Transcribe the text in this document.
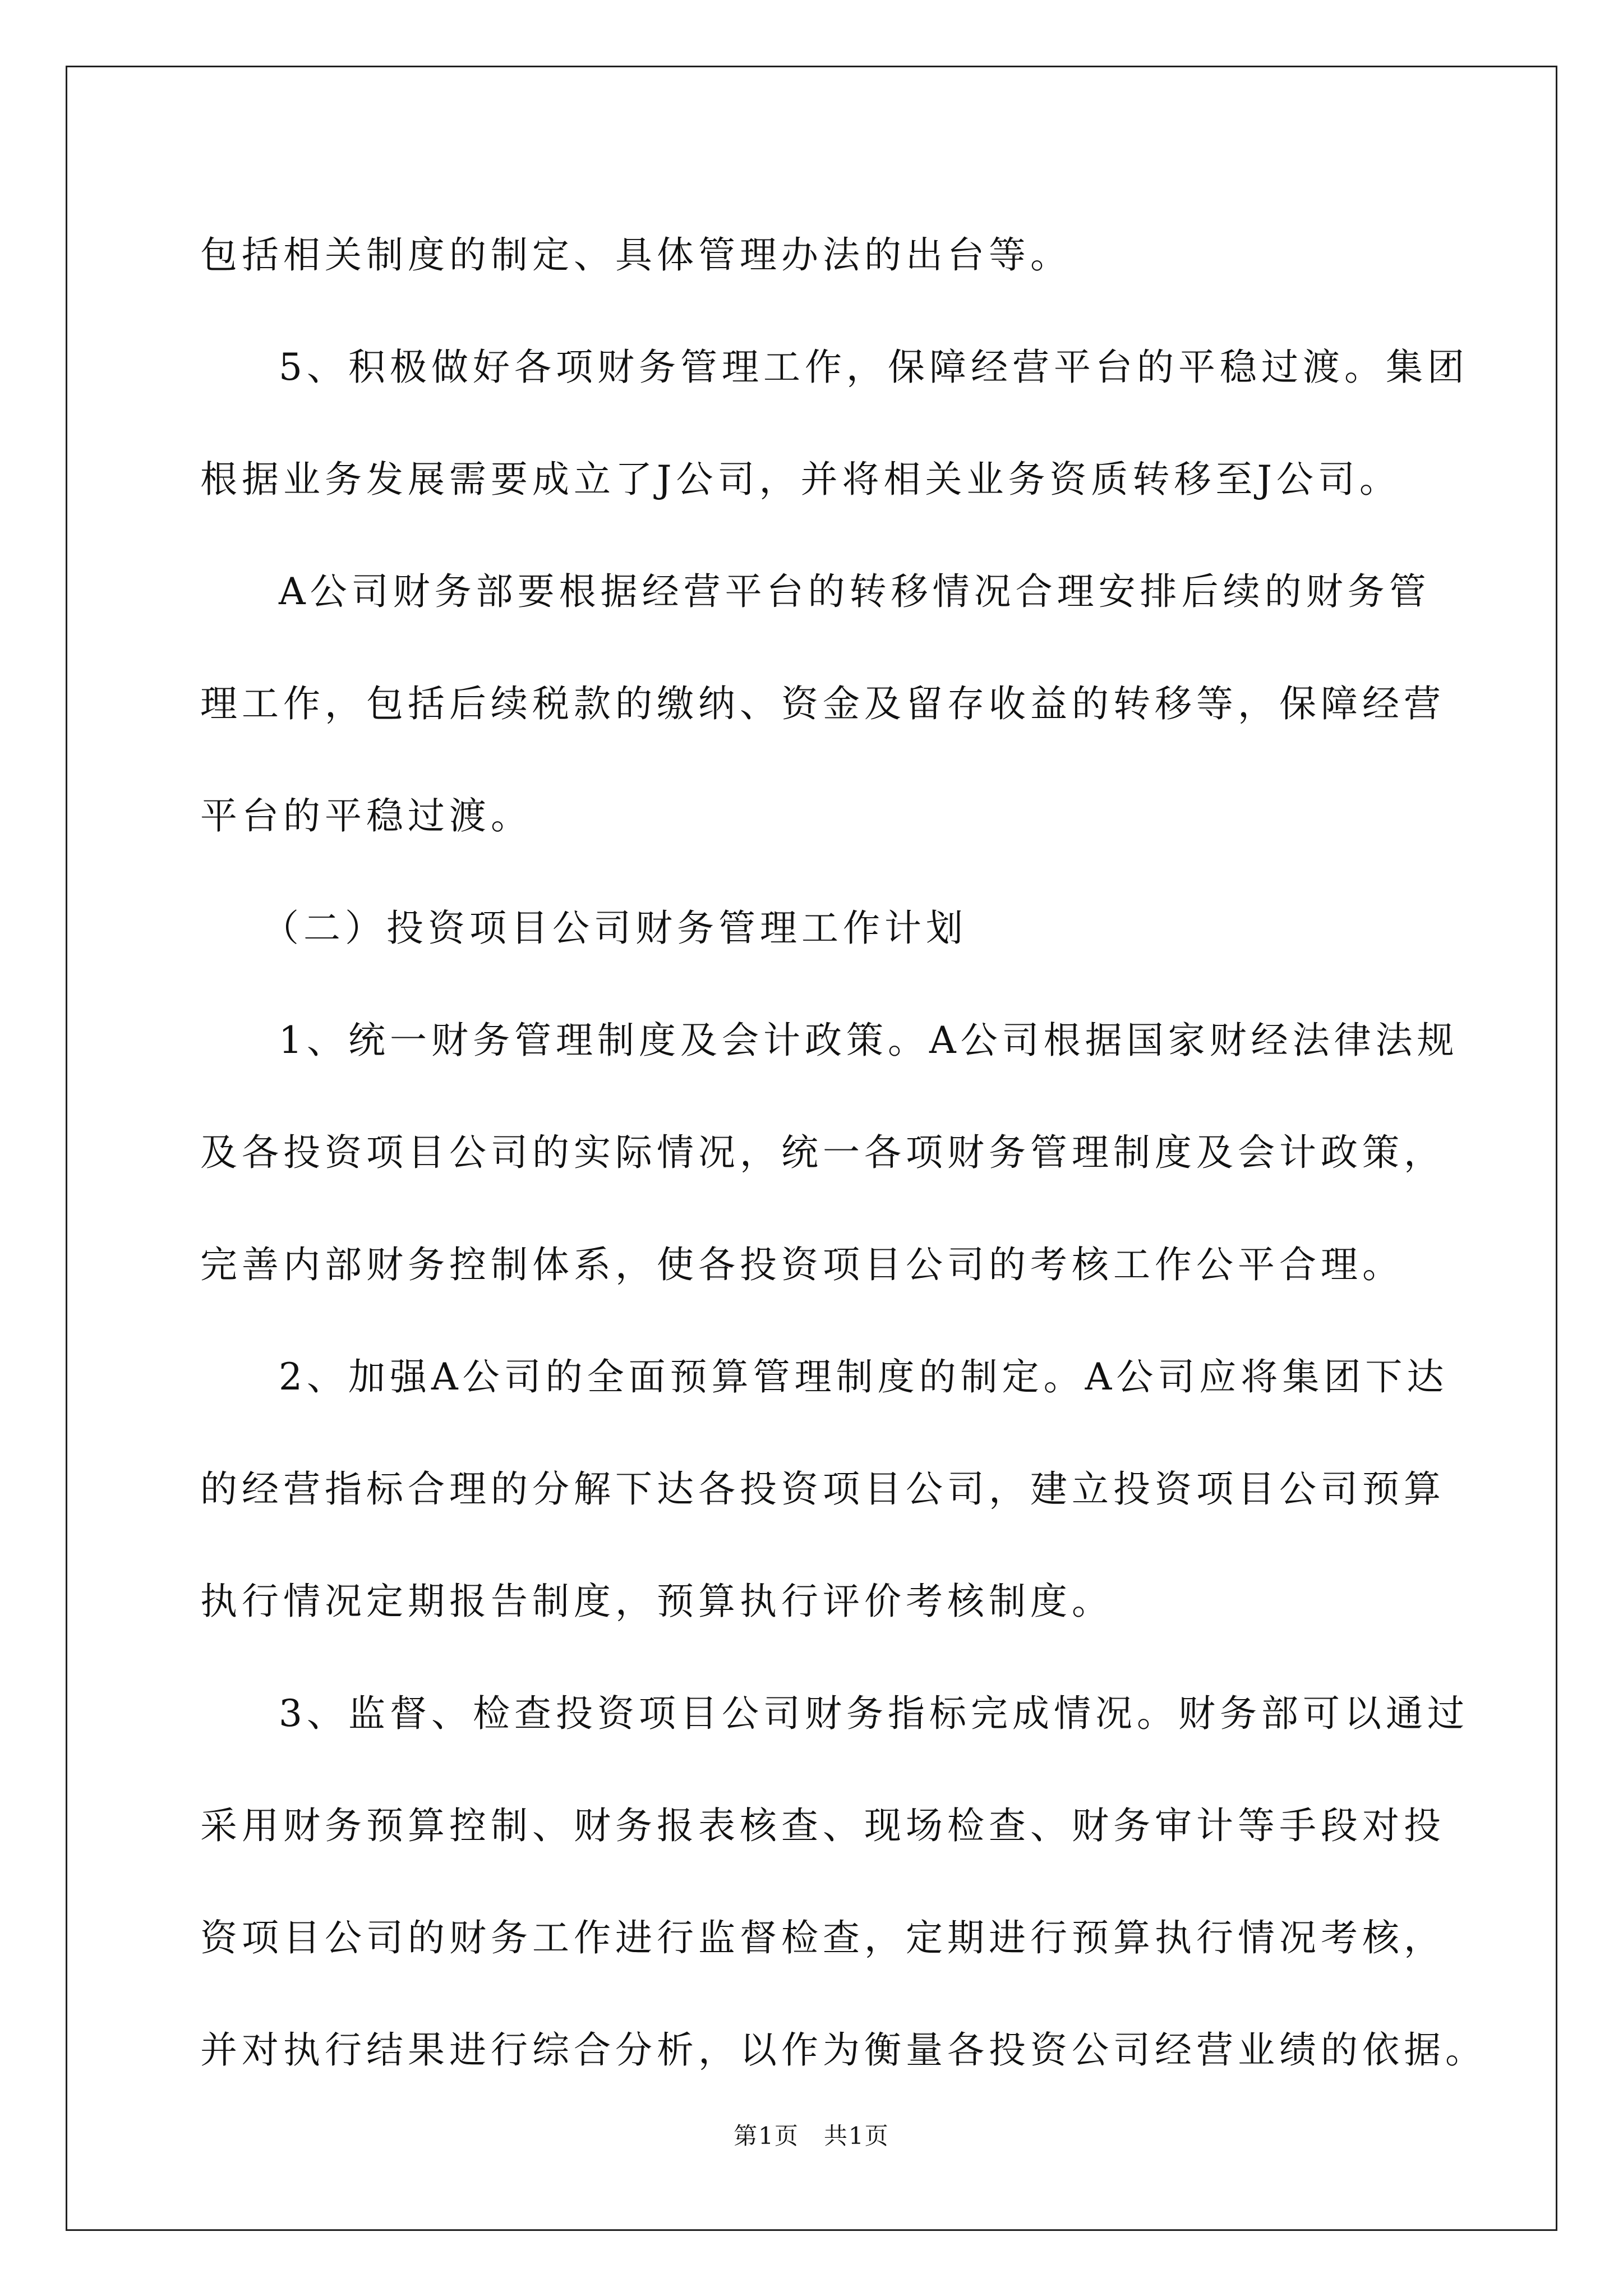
包括相关制度的制定、具体管理办法的出台等。
5、积极做好各项财务管理工作，保障经营平台的平稳过渡。集团
根据业务发展需要成立了J公司，并将相关业务资质转移至J公司。
A公司财务部要根据经营平台的转移情况合理安排后续的财务管
理工作，包括后续税款的缴纳、资金及留存收益的转移等，保障经营
平台的平稳过渡。
（二）投资项目公司财务管理工作计划
1、统一财务管理制度及会计政策。A公司根据国家财经法律法规
及各投资项目公司的实际情况，统一各项财务管理制度及会计政策，
完善内部财务控制体系，使各投资项目公司的考核工作公平合理。
2、加强A公司的全面预算管理制度的制定。A公司应将集团下达
的经营指标合理的分解下达各投资项目公司，建立投资项目公司预算
执行情况定期报告制度，预算执行评价考核制度。
3、监督、检查投资项目公司财务指标完成情况。财务部可以通过
采用财务预算控制、财务报表核查、现场检查、财务审计等手段对投
资项目公司的财务工作进行监督检查，定期进行预算执行情况考核，
并对执行结果进行综合分析，以作为衡量各投资公司经营业绩的依据。
第1页　共1页
